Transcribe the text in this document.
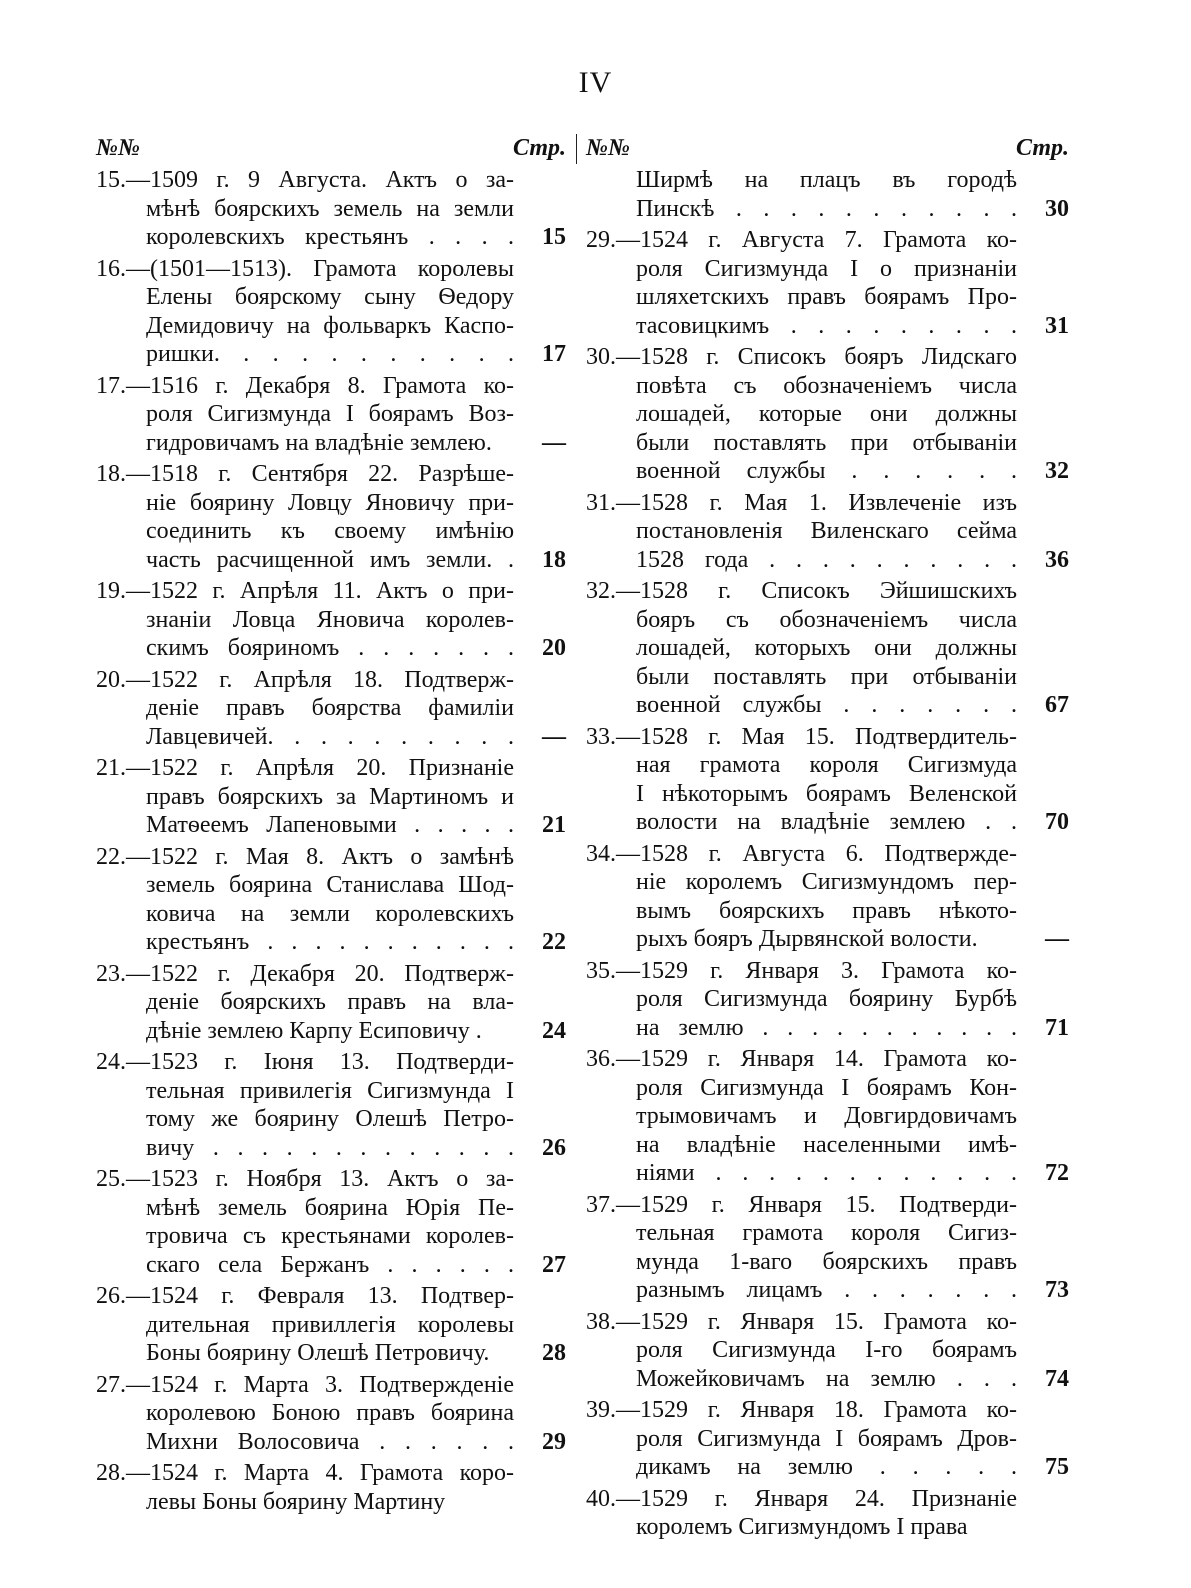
IV
№№	Стр.
15.—1509 г. 9 Августа. Актъ о за-
мѣнѣ боярскихъ земель на земли
королевскихъ крестьянъ . . . .	15
16.—(1501—1513). Грамота королевы
Елены боярскому сыну Ѳедору
Демидовичу на фольваркъ Каспо-
ришки. . . . . . . . . . .	17
17.—1516 г. Декабря 8. Грамота ко-
роля Сигизмунда I боярамъ Воз-
гидровичамъ на владѣніе землею.	—
18.—1518 г. Сентября 22. Разрѣше-
ніе боярину Ловцу Яновичу при-
соединить къ своему имѣнію
часть расчищенной имъ земли. .	18
19.—1522 г. Апрѣля 11. Актъ о при-
знаніи Ловца Яновича королев-
скимъ бояриномъ . . . . . . .	20
20.—1522 г. Апрѣля 18. Подтверж-
деніе правъ боярства фамиліи
Лавцевичей. . . . . . . . . .	—
21.—1522 г. Апрѣля 20. Признаніе
правъ боярскихъ за Мартиномъ и
Матѳеемъ Лапеновыми . . . . .	21
22.—1522 г. Мая 8. Актъ о замѣнѣ
земель боярина Станислава Шод-
ковича на земли королевскихъ
крестьянъ . . . . . . . . . . .	22
23.—1522 г. Декабря 20. Подтверж-
деніе боярскихъ правъ на вла-
дѣніе землею Карпу Есиповичу .	24
24.—1523 г. Іюня 13. Подтверди-
тельная привилегія Сигизмунда I
тому же боярину Олешѣ Петро-
вичу . . . . . . . . . . . . .	26
25.—1523 г. Ноября 13. Актъ о за-
мѣнѣ земель боярина Юрія Пе-
тровича съ крестьянами королев-
скаго села Бержанъ . . . . . .	27
26.—1524 г. Февраля 13. Подтвер-
дительная привиллегія королевы
Боны боярину Олешѣ Петровичу.	28
27.—1524 г. Марта 3. Подтвержденіе
королевою Боною правъ боярина
Михни Волосовича . . . . . .	29
28.—1524 г. Марта 4. Грамота коро-
левы Боны боярину Мартину
№№	Стр.
Ширмѣ на плацъ въ городѣ
Пинскѣ . . . . . . . . . . .	30
29.—1524 г. Августа 7. Грамота ко-
роля Сигизмунда I о признаніи
шляхетскихъ правъ боярамъ Про-
тасовицкимъ . . . . . . . . .	31
30.—1528 г. Списокъ бояръ Лидскаго
повѣта съ обозначеніемъ числа
лошадей, которые они должны
были поставлять при отбываніи
военной службы . . . . . .	32
31.—1528 г. Мая 1. Извлеченіе изъ
постановленія Виленскаго сейма
1528 года . . . . . . . . . .	36
32.—1528 г. Списокъ Эйшишскихъ
бояръ съ обозначеніемъ числа
лошадей, которыхъ они должны
были поставлять при отбываніи
военной службы . . . . . . .	67
33.—1528 г. Мая 15. Подтвердитель-
ная грамота короля Сигизмуда
I нѣкоторымъ боярамъ Веленской
волости на владѣніе землею . .	70
34.—1528 г. Августа 6. Подтвержде-
ніе королемъ Сигизмундомъ пер-
вымъ боярскихъ правъ нѣкото-
рыхъ бояръ Дырвянской волости.	—
35.—1529 г. Января 3. Грамота ко-
роля Сигизмунда боярину Бурбѣ
на землю . . . . . . . . . . .	71
36.—1529 г. Января 14. Грамота ко-
роля Сигизмунда I боярамъ Кон-
трымовичамъ и Довгирдовичамъ
на владѣніе населенными имѣ-
ніями . . . . . . . . . . . .	72
37.—1529 г. Января 15. Подтверди-
тельная грамота короля Сигиз-
мунда 1-ваго боярскихъ правъ
разнымъ лицамъ . . . . . . .	73
38.—1529 г. Января 15. Грамота ко-
роля Сигизмунда I-го боярамъ
Можейковичамъ на землю . . .	74
39.—1529 г. Января 18. Грамота ко-
роля Сигизмунда I боярамъ Дров-
дикамъ на землю . . . . .	75
40.—1529 г. Января 24. Признаніе
королемъ Сигизмундомъ I права
